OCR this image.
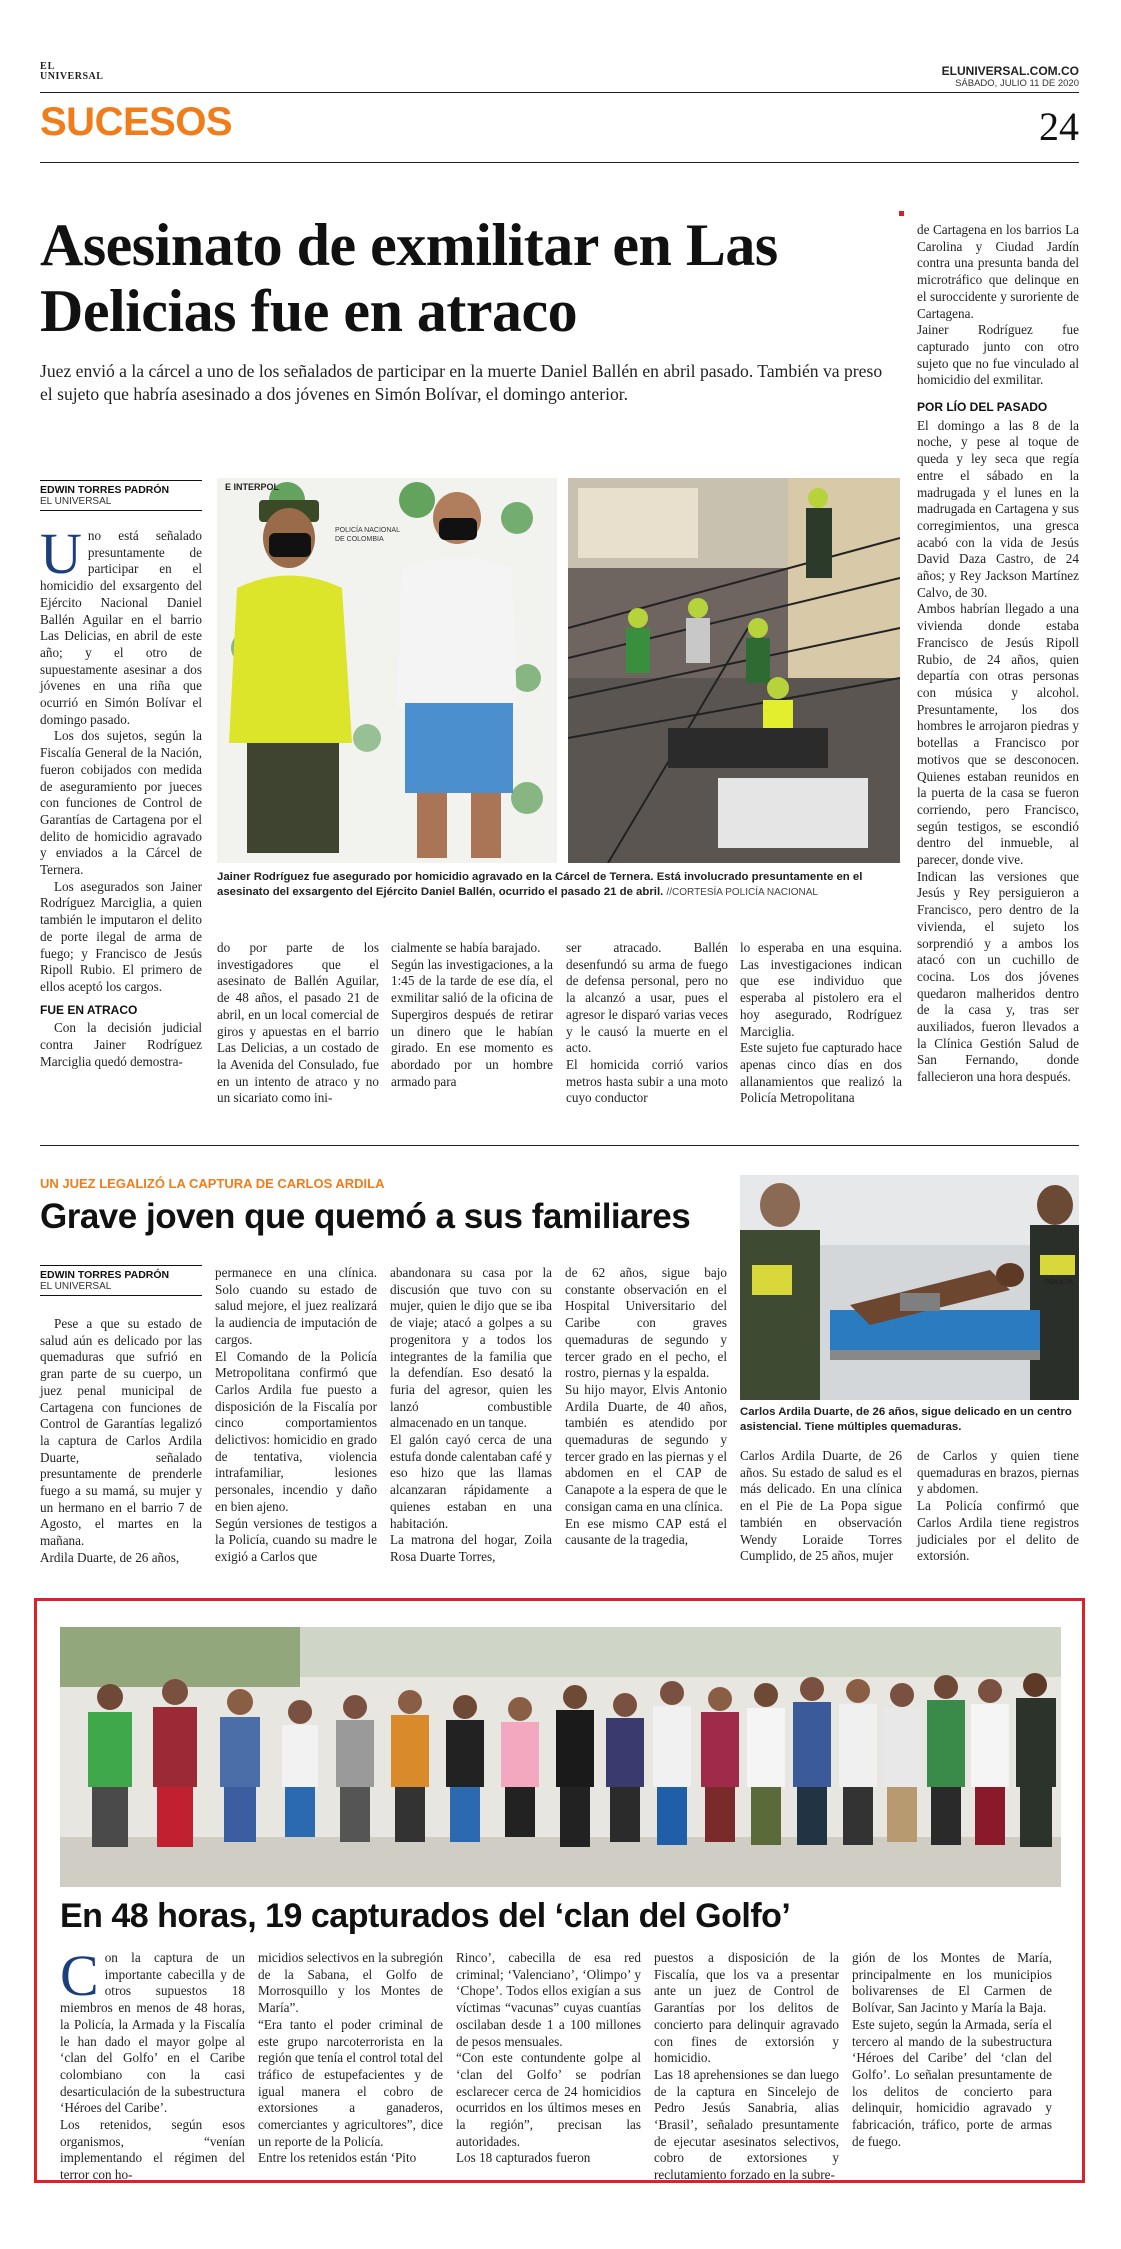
EL
UNIVERSAL	ELUNIVERSAL.COM.CO
SÁBADO, JULIO 11 DE 2020
SUCESOS	24
Asesinato de exmilitar en Las Delicias fue en atraco
Juez envió a la cárcel a uno de los señalados de participar en la muerte Daniel Ballén en abril pasado. También va preso el sujeto que habría asesinado a dos jóvenes en Simón Bolívar, el domingo anterior.
EDWIN TORRES PADRÓN
EL UNIVERSAL

Uno está señalado presuntamente de participar en el homicidio del exsargento del Ejército Nacional Daniel Ballén Aguilar en el barrio Las Delicias, en abril de este año; y el otro de supuestamente asesinar a dos jóvenes en una riña que ocurrió en Simón Bolívar el domingo pasado.

Los dos sujetos, según la Fiscalía General de la Nación, fueron cobijados con medida de aseguramiento por jueces con funciones de Control de Garantías de Cartagena por el delito de homicidio agravado y enviados a la Cárcel de Ternera.

Los asegurados son Jainer Rodríguez Marciglia, a quien también le imputaron el delito de porte ilegal de arma de fuego; y Francisco de Jesús Ripoll Rubio. El primero de ellos aceptó los cargos.

FUE EN ATRACO

Con la decisión judicial contra Jainer Rodríguez Marciglia quedó demostra-

E INTERPOL
POLICÍA NACIONAL DE COLOMBIA
Jainer Rodríguez fue asegurado por homicidio agravado en la Cárcel de Ternera. Está involucrado presuntamente en el asesinato del exsargento del Ejército Daniel Ballén, ocurrido el pasado 21 de abril. //CORTESÍA POLICÍA NACIONAL
do por parte de los investigadores que el asesinato de Ballén Aguilar, de 48 años, el pasado 21 de abril, en un local comercial de giros y apuestas en el barrio Las Delicias, a un costado de la Avenida del Consulado, fue en un intento de atraco y no un sicariato como ini-

cialmente se había barajado.
Según las investigaciones, a la 1:45 de la tarde de ese día, el exmilitar salió de la oficina de Supergiros después de retirar un dinero que le habían girado. En ese momento es abordado por un hombre armado para

ser atracado. Ballén desenfundó su arma de fuego de defensa personal, pero no la alcanzó a usar, pues el agresor le disparó varias veces y le causó la muerte en el acto.
El homicida corrió varios metros hasta subir a una moto cuyo conductor

lo esperaba en una esquina. Las investigaciones indican que ese individuo que esperaba al pistolero era el hoy asegurado, Rodríguez Marciglia.
Este sujeto fue capturado hace apenas cinco días en dos allanamientos que realizó la Policía Metropolitana

de Cartagena en los barrios La Carolina y Ciudad Jardín contra una presunta banda del microtráfico que delinque en el suroccidente y suroriente de Cartagena.
Jainer Rodríguez fue capturado junto con otro sujeto que no fue vinculado al homicidio del exmilitar.

POR LÍO DEL PASADO

El domingo a las 8 de la noche, y pese al toque de queda y ley seca que regía entre el sábado en la madrugada y el lunes en la madrugada en Cartagena y sus corregimientos, una gresca acabó con la vida de Jesús David Daza Castro, de 24 años; y Rey Jackson Martínez Calvo, de 30.
Ambos habrían llegado a una vivienda donde estaba Francisco de Jesús Ripoll Rubio, de 24 años, quien departía con otras personas con música y alcohol. Presuntamente, los dos hombres le arrojaron piedras y botellas a Francisco por motivos que se desconocen. Quienes estaban reunidos en la puerta de la casa se fueron corriendo, pero Francisco, según testigos, se escondió dentro del inmueble, al parecer, donde vive.
Indican las versiones que Jesús y Rey persiguieron a Francisco, pero dentro de la vivienda, el sujeto los sorprendió y a ambos los atacó con un cuchillo de cocina. Los dos jóvenes quedaron malheridos dentro de la casa y, tras ser auxiliados, fueron llevados a la Clínica Gestión Salud de San Fernando, donde fallecieron una hora después.

UN JUEZ LEGALIZÓ LA CAPTURA DE CARLOS ARDILA
Grave joven que quemó a sus familiares
EDWIN TORRES PADRÓN
EL UNIVERSAL

Pese a que su estado de salud aún es delicado por las quemaduras que sufrió en gran parte de su cuerpo, un juez penal municipal de Cartagena con funciones de Control de Garantías legalizó la captura de Carlos Ardila Duarte, señalado presuntamente de prenderle fuego a su mamá, su mujer y un hermano en el barrio 7 de Agosto, el martes en la mañana.
Ardila Duarte, de 26 años,

permanece en una clínica. Solo cuando su estado de salud mejore, el juez realizará la audiencia de imputación de cargos.
El Comando de la Policía Metropolitana confirmó que Carlos Ardila fue puesto a disposición de la Fiscalía por cinco comportamientos delictivos: homicidio en grado de tentativa, violencia intrafamiliar, lesiones personales, incendio y daño en bien ajeno.
Según versiones de testigos a la Policía, cuando su madre le exigió a Carlos que

abandonara su casa por la discusión que tuvo con su mujer, quien le dijo que se iba de viaje; atacó a golpes a su progenitora y a todos los integrantes de la familia que la defendían. Eso desató la furia del agresor, quien les lanzó combustible almacenado en un tanque.
El galón cayó cerca de una estufa donde calentaban café y eso hizo que las llamas alcanzaran rápidamente a quienes estaban en una habitación.
La matrona del hogar, Zoila Rosa Duarte Torres,

de 62 años, sigue bajo constante observación en el Hospital Universitario del Caribe con graves quemaduras de segundo y tercer grado en el pecho, el rostro, piernas y la espalda.
Su hijo mayor, Elvis Antonio Ardila Duarte, de 40 años, también es atendido por quemaduras de segundo y tercer grado en las piernas y el abdomen en el CAP de Canapote a la espera de que le consigan cama en una clínica.
En ese mismo CAP está el causante de la tragedia,

POLICÍA
Carlos Ardila Duarte, de 26 años, sigue delicado en un centro asistencial. Tiene múltiples quemaduras.

Carlos Ardila Duarte, de 26 años. Su estado de salud es el más delicado. En una clínica en el Pie de La Popa sigue también en observación Wendy Loraide Torres Cumplido, de 25 años, mujer

de Carlos y quien tiene quemaduras en brazos, piernas y abdomen.
La Policía confirmó que Carlos Ardila tiene registros judiciales por el delito de extorsión.

En 48 horas, 19 capturados del ‘clan del Golfo’

Con la captura de un importante cabecilla y de otros supuestos 18 miembros en menos de 48 horas, la Policía, la Armada y la Fiscalía le han dado el mayor golpe al ‘clan del Golfo’ en el Caribe colombiano con la casi desarticulación de la subestructura ‘Héroes del Caribe’.
Los retenidos, según esos organismos, “venían implementando el régimen del terror con ho-

micidios selectivos en la subregión de la Sabana, el Golfo de Morrosquillo y los Montes de María”.
“Era tanto el poder criminal de este grupo narcoterrorista en la región que tenía el control total del tráfico de estupefacientes y de igual manera el cobro de extorsiones a ganaderos, comerciantes y agricultores”, dice un reporte de la Policía.
Entre los retenidos están ‘Pito

Rinco’, cabecilla de esa red criminal; ‘Valenciano’, ‘Olimpo’ y ‘Chope’. Todos ellos exigían a sus víctimas “vacunas” cuyas cuantías oscilaban desde 1 a 100 millones de pesos mensuales.
“Con este contundente golpe al ‘clan del Golfo’ se podrían esclarecer cerca de 24 homicidios ocurridos en los últimos meses en la región”, precisan las autoridades.
Los 18 capturados fueron

puestos a disposición de la Fiscalía, que los va a presentar ante un juez de Control de Garantías por los delitos de concierto para delinquir agravado con fines de extorsión y homicidio.
Las 18 aprehensiones se dan luego de la captura en Sincelejo de Pedro Jesús Sanabria, alias ‘Brasil’, señalado presuntamente de ejecutar asesinatos selectivos, cobro de extorsiones y reclutamiento forzado en la subre-

gión de los Montes de María, principalmente en los municipios bolivarenses de El Carmen de Bolívar, San Jacinto y María la Baja.
Este sujeto, según la Armada, sería el tercero al mando de la subestructura ‘Héroes del Caribe’ del ‘clan del Golfo’. Lo señalan presuntamente de los delitos de concierto para delinquir, homicidio agravado y fabricación, tráfico, porte de armas de fuego.
